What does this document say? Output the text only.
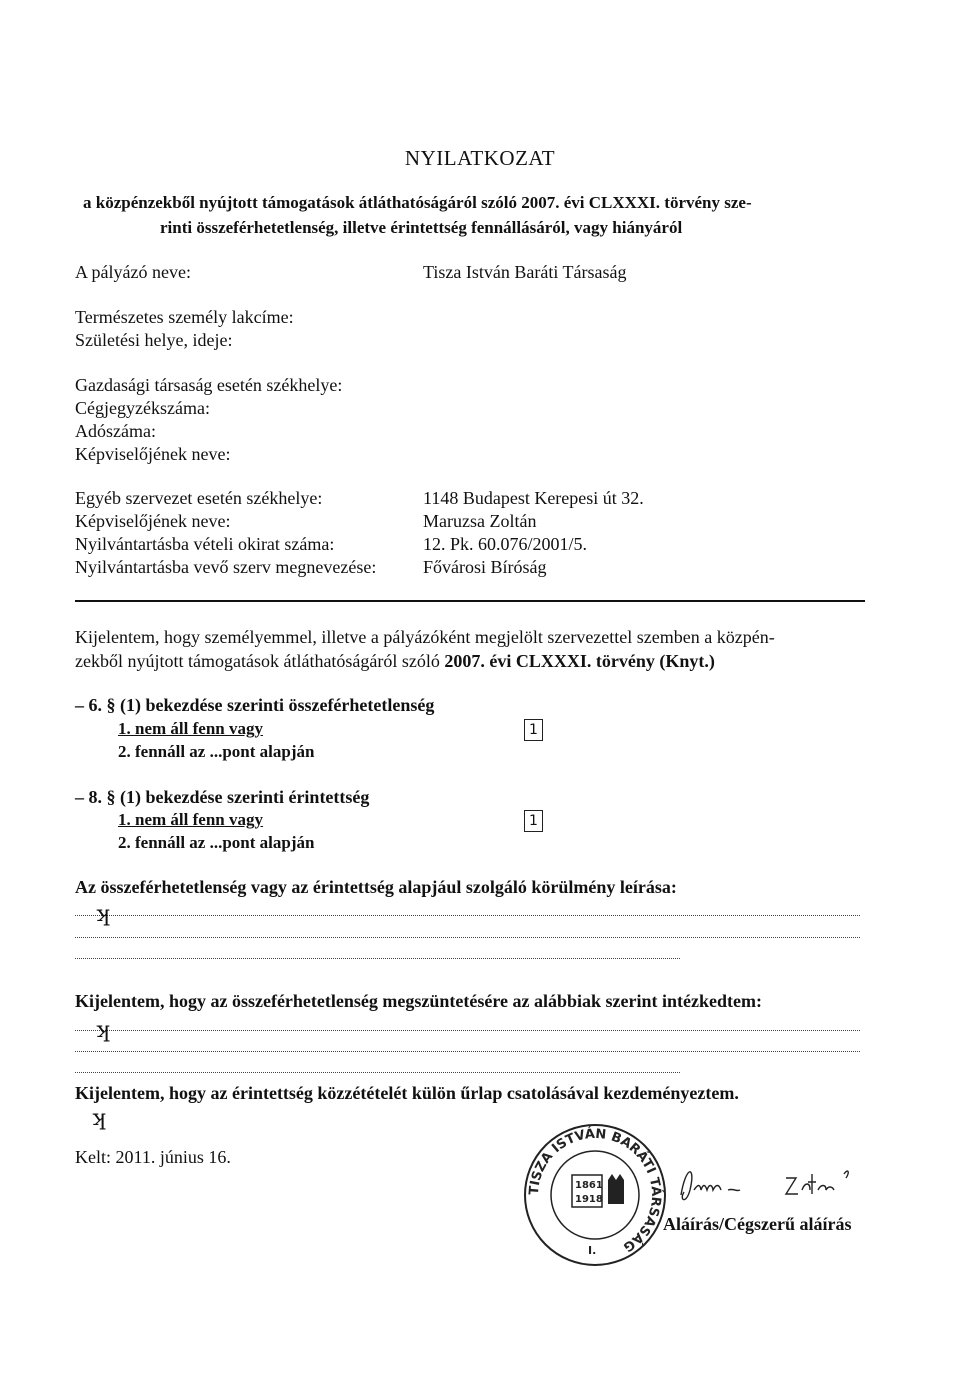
NYILATKOZAT
a közpénzekből nyújtott támogatások átláthatóságáról szóló 2007. évi CLXXXI. törvény sze-
rinti összeférhetetlenség, illetve érintettség fennállásáról, vagy hiányáról
A pályázó neve:	Tisza István Baráti Társaság
Természetes személy lakcíme:
Születési helye, ideje:
Gazdasági társaság esetén székhelye:
Cégjegyzékszáma:
Adószáma:
Képviselőjének neve:
Egyéb szervezet esetén székhelye:	1148 Budapest Kerepesi út 32.
Képviselőjének neve:	Maruzsa Zoltán
Nyilvántartásba vételi okirat száma:	12. Pk. 60.076/2001/5.
Nyilvántartásba vevő szerv megnevezése:	Fővárosi Bíróság
Kijelentem, hogy személyemmel, illetve a pályázóként megjelölt szervezettel szemben a közpén-
zekből nyújtott támogatások átláthatóságáról szóló 2007. évi CLXXXI. törvény (Knyt.)
– 6. § (1) bekezdése szerinti összeférhetetlenség
1. nem áll fenn vagy
2. fennáll az ...pont alapján
1
– 8. § (1) bekezdése szerinti érintettség
1. nem áll fenn vagy
2. fennáll az ...pont alapján
1
Az összeférhetetlenség vagy az érintettség alapjául szolgáló körülmény leírása:
ʞ
Kijelentem, hogy az összeférhetetlenség megszüntetésére az alábbiak szerint intézkedtem:
ʞ
Kijelentem, hogy az érintettség közzétételét külön űrlap csatolásával kezdeményeztem.
ʞ
Kelt: 2011. június 16.
TISZA ISTVÁN BARÁTI TÁRSASÁG
1861
1918
I.
Aláírás/Cégszerű aláírás
